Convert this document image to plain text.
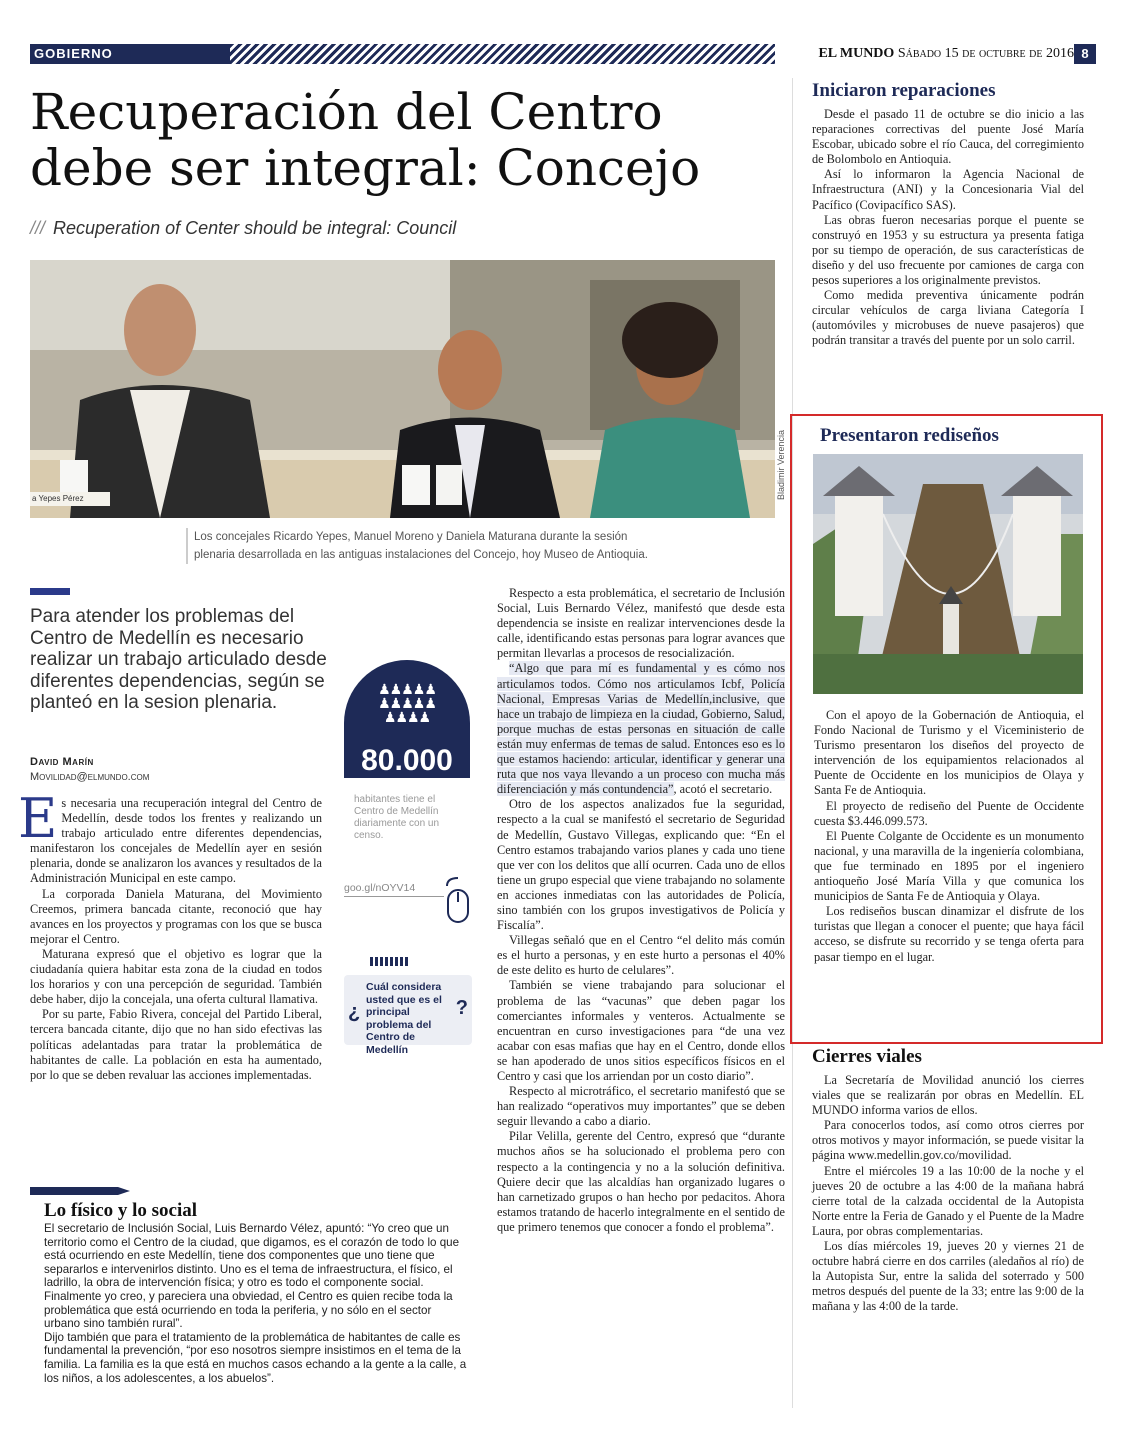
GOBIERNO	EL MUNDO Sábado 15 de octubre de 2016 8
Recuperación del Centro
debe ser integral: Concejo
/// Recuperation of Center should be integral: Council
a Yepes Pérez	Bladimir Verencia
Los concejales Ricardo Yepes, Manuel Moreno y Daniela Maturana durante la sesión
plenaria desarrollada en las antiguas instalaciones del Concejo, hoy Museo de Antioquia.
Para atender los problemas del Centro de Medellín es necesario realizar un trabajo articulado desde diferentes dependencias, según se planteó en la sesion plenaria.
David Marín
Movilidad@elmundo.com

Es necesaria una recuperación integral del Centro de Medellín, desde todos los frentes y realizando un trabajo articulado entre diferentes dependencias, manifestaron los concejales de Medellín ayer en sesión plenaria, donde se analizaron los avances y resultados de la Administración Municipal en este campo.

La corporada Daniela Maturana, del Movimiento Creemos, primera bancada citante, reconoció que hay avances en los proyectos y programas con los que se busca mejorar el Centro.

Maturana expresó que el objetivo es lograr que la ciudadanía quiera habitar esta zona de la ciudad en todos los horarios y con una percepción de seguridad. También debe haber, dijo la concejala, una oferta cultural llamativa.

Por su parte, Fabio Rivera, concejal del Partido Liberal, tercera bancada citante, dijo que no han sido efectivas las políticas adelantadas para tratar la problemática de habitantes de calle. La población en esta ha aumentado, por lo que se deben revaluar las acciones implementadas.

♟♟♟♟♟
♟♟♟♟♟
♟♟♟♟
80.000
habitantes tiene el Centro de Medellín diariamente con un censo.
goo.gl/nOYV14
¿
Cuál considera usted que es el principal problema del Centro de Medellín
?

Respecto a esta problemática, el secretario de Inclusión Social, Luis Bernardo Vélez, manifestó que desde esta dependencia se insiste en realizar intervenciones desde la calle, identificando estas personas para lograr avances que permitan llevarlas a procesos de resocialización.

“Algo que para mí es fundamental y es cómo nos articulamos todos. Cómo nos articulamos Icbf, Policía Nacional, Empresas Varias de Medellín,inclusive, que hace un trabajo de limpieza en la ciudad, Gobierno, Salud, porque muchas de estas personas en situación de calle están muy enfermas de temas de salud. Entonces eso es lo que estamos haciendo: articular, identificar y generar una ruta que nos vaya llevando a un proceso con mucha más diferenciación y más contundencia”, acotó el secretario.

Otro de los aspectos analizados fue la seguridad, respecto a la cual se manifestó el secretario de Seguridad de Medellín, Gustavo Villegas, explicando que: “En el Centro estamos trabajando varios planes y cada uno tiene que ver con los delitos que allí ocurren. Cada uno de ellos tiene un grupo especial que viene trabajando no solamente en acciones inmediatas con las autoridades de Policía, sino también con los grupos investigativos de Policía y Fiscalía”.

Villegas señaló que en el Centro “el delito más común es el hurto a personas, y en este hurto a personas el 40% de este delito es hurto de celulares”.

También se viene trabajando para solucionar el problema de las “vacunas” que deben pagar los comerciantes informales y venteros. Actualmente se encuentran en curso investigaciones para “de una vez acabar con esas mafias que hay en el Centro, donde ellos se han apoderado de unos sitios específicos físicos en el Centro y casi que los arriendan por un costo diario”.

Respecto al microtráfico, el secretario manifestó que se han realizado “operativos muy importantes” que se deben seguir llevando a cabo a diario.

Pilar Velilla, gerente del Centro, expresó que “durante muchos años se ha solucionado el problema pero con respecto a la contingencia y no a la solución definitiva. Quiere decir que las alcaldías han organizado lugares o han carnetizado grupos o han hecho por pedacitos. Ahora estamos tratando de hacerlo integralmente en el sentido de que primero tenemos que conocer a fondo el problema”.

Lo físico y lo social

El secretario de Inclusión Social, Luis Bernardo Vélez, apuntó: “Yo creo que un territorio como el Centro de la ciudad, que digamos, es el corazón de todo lo que está ocurriendo en este Medellín, tiene dos componentes que uno tiene que separarlos e intervenirlos distinto. Uno es el tema de infraestructura, el físico, el ladrillo, la obra de intervención física; y otro es todo el componente social. Finalmente yo creo, y pareciera una obviedad, el Centro es quien recibe toda la problemática que está ocurriendo en toda la periferia, y no sólo en el sector urbano sino también rural”.

Dijo también que para el tratamiento de la problemática de habitantes de calle es fundamental la prevención, “por eso nosotros siempre insistimos en el tema de la familia. La familia es la que está en muchos casos echando a la gente a la calle, a los niños, a los adolescentes, a los abuelos”.

Iniciaron reparaciones

Desde el pasado 11 de octubre se dio inicio a las reparaciones correctivas del puente José María Escobar, ubicado sobre el río Cauca, del corregimiento de Bolombolo en Antioquia.

Así lo informaron la Agencia Nacional de Infraestructura (ANI) y la Concesionaria Vial del Pacífico (Covipacífico SAS).

Las obras fueron necesarias porque el puente se construyó en 1953 y su estructura ya presenta fatiga por su tiempo de operación, de sus características de diseño y del uso frecuente por camiones de carga con pesos superiores a los originalmente previstos.

Como medida preventiva únicamente podrán circular vehículos de carga liviana Categoría I (automóviles y microbuses de nueve pasajeros) que podrán transitar a través del puente por un solo carril.

Presentaron rediseños

Con el apoyo de la Gobernación de Antioquia, el Fondo Nacional de Turismo y el Viceministerio de Turismo presentaron los diseños del proyecto de intervención de los equipamientos relacionados al Puente de Occidente en los municipios de Olaya y Santa Fe de Antioquia.

El proyecto de rediseño del Puente de Occidente cuesta $3.446.099.573.

El Puente Colgante de Occidente es un monumento nacional, y una maravilla de la ingeniería colombiana, que fue terminado en 1895 por el ingeniero antioqueño José María Villa y que comunica los municipios de Santa Fe de Antioquia y Olaya.

Los rediseños buscan dinamizar el disfrute de los turistas que llegan a conocer el puente; que haya fácil acceso, se disfrute su recorrido y se tenga oferta para pasar tiempo en el lugar.

Cierres viales

La Secretaría de Movilidad anunció los cierres viales que se realizarán por obras en Medellín. EL MUNDO informa varios de ellos.

Para conocerlos todos, así como otros cierres por otros motivos y mayor información, se puede visitar la página www.medellin.gov.co/movilidad.

Entre el miércoles 19 a las 10:00 de la noche y el jueves 20 de octubre a las 4:00 de la mañana habrá cierre total de la calzada occidental de la Autopista Norte entre la Feria de Ganado y el Puente de la Madre Laura, por obras complementarias.

Los días miércoles 19, jueves 20 y viernes 21 de octubre habrá cierre en dos carriles (aledaños al río) de la Autopista Sur, entre la salida del soterrado y 500 metros después del puente de la 33; entre las 9:00 de la mañana y las 4:00 de la tarde.
